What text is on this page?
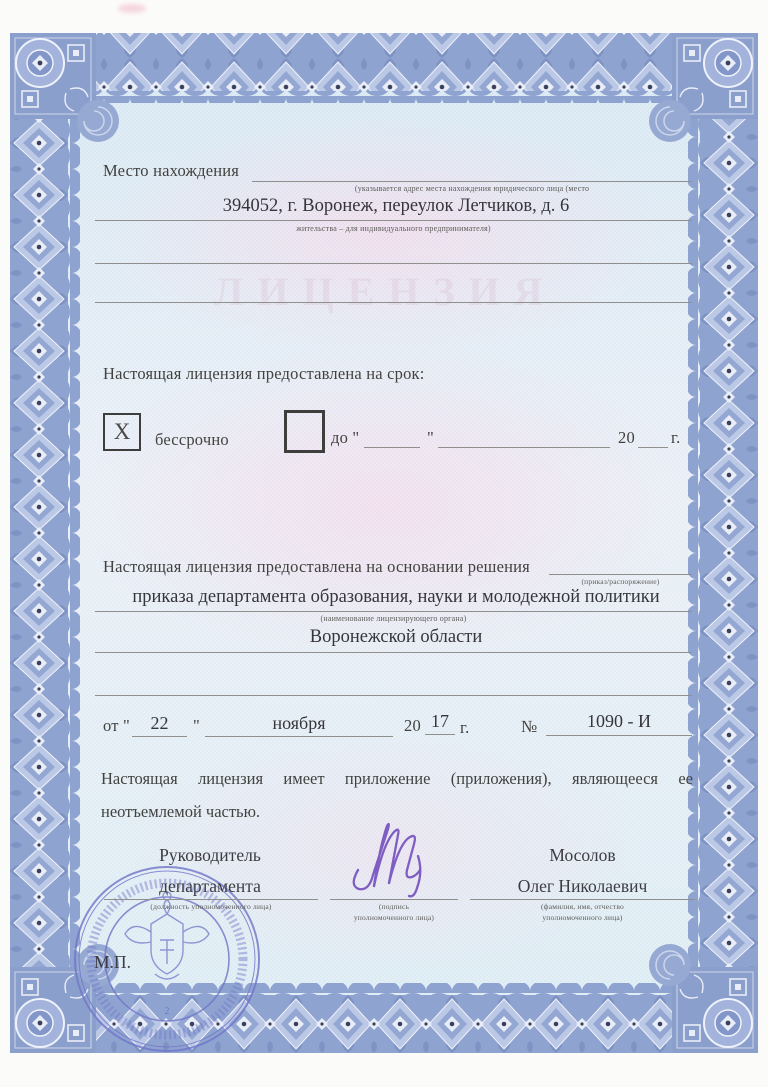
ЛИЦЕНЗИЯ
Место нахождения
(указывается адрес места нахождения юридического лица (место
394052, г. Воронеж, переулок Летчиков, д. 6
жительства – для индивидуального предпринимателя)
Настоящая лицензия предоставлена на срок:
X бессрочно	до "	"	20 г.
Настоящая лицензия предоставлена на основании решения
(приказ/распоряжение)
приказа департамента образования, науки и молодежной политики
(наименование лицензирующего органа)
Воронежской области
от "	22	"	ноября	20 17 г.	№	1090 - И
Настоящая лицензия имеет приложение (приложения), являющееся ее
неотъемлемой частью.
2
М.П.
Руководитель
департамента
(должность уполномоченного лица)	(подпись
уполномоченного лица)
Мосолов
Олег Николаевич
(фамилия, имя, отчество
уполномоченного лица)
